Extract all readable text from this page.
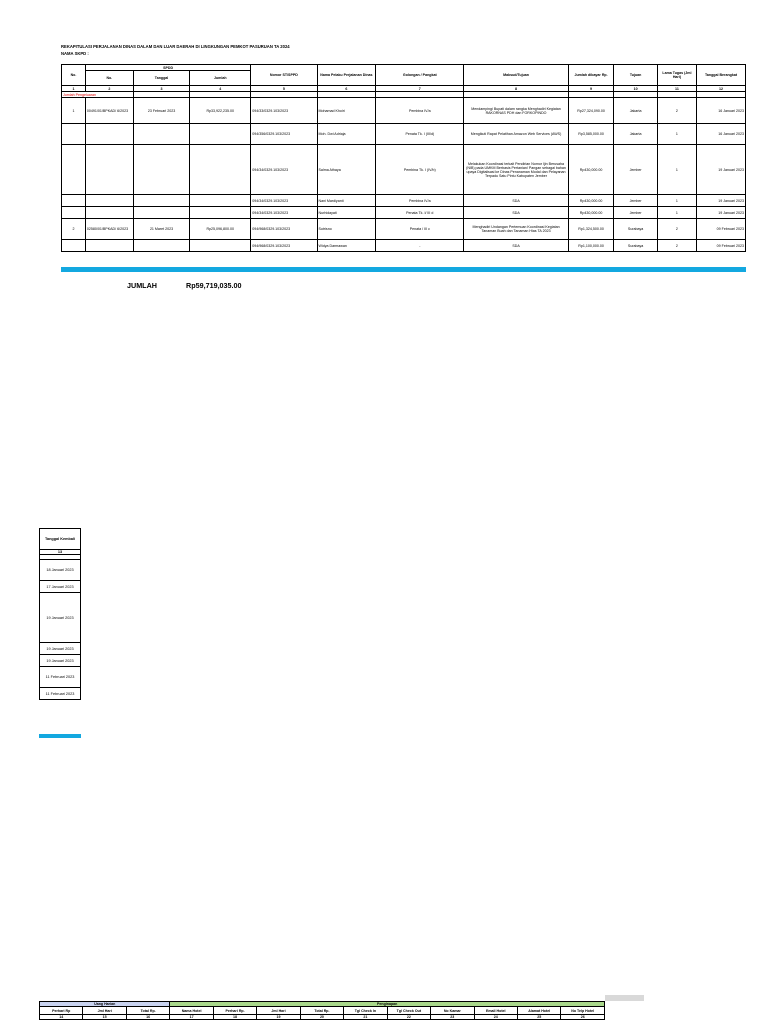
REKAPITULASI PERJALANAN DINAS DALAM DAN LUAR DAERAH DI LINGKUNGAN PEMKOT PASURUAN TA 2024
NAMA SKPD :
No.	SPDD			Nomor ST/SPPD	Nama Pelaku Perjalanan Dinas	Golongan / Pangkat	Maksud/Tujuan	Jumlah dibayar Rp.	Tujuan	Lama Tugas (Jml Hari)	Tanggal Berangkat
	No.	Tanggal	Jumlah								
1	2	3	4	5	6	7	8	9	10	11	12
Jumlah Pengeluaran											
1	00491/01/BPKAD/ 6/2023	23 Februari 2023	Rp33,922,235.00	094/33/0329.103/2023	Mohamad Khoiri	Pembina IV/a	Mendampingi Bupati dalam rangka Menghadiri Kegiatan RAKORNAS PDH dan FORKOPINDO	Rp27,324,090.00	Jakarta	2	16 Januari 2023
				094/356/0329.103/2023	Moh. Dwi Adriaja	Penata Tk. I (III/d)	Mengikuti Rapat Pelatihan Amazon Web Services (AWS)	Rp3,585,000.00	Jakarta	1	16 Januari 2023
				094/34/0329.103/2023	Salma Athaya	Pembina Tk. I (IV/b)	Melakukan Koordinasi terkait Pendirian Nomor Ijin Berusaha (NIB) pada UMKM Berbasis Pertanian/ Pangan sebagai bahan upaya Digitalisasi ke Dinas Penanaman Modal dan Pelayanan Terpadu Satu Pintu Kabupaten Jember	Rp430,000.00	Jember	1	19 Januari 2023
				094/34/0329.103/2023	Nani Mardiyanti	Pembina IV/a	SDA	Rp430,000.00	Jember	1	19 Januari 2023
				094/34/0329.103/2023	Nurhidayati	Penata Tk. I/ III d	SDA	Rp430,000.00	Jember	1	19 Januari 2023
2	02580/01/BPKAD/ 6/2023	21 Maret 2023	Rp25,096,800.00	094/968/0329.103/2023	Sutrisno	Penata / III c	Menghadiri Undangan Pertemuan Koordinasi Kegiatan Tanaman Buah dan Tanaman Hias TA 2023	Rp1,324,500.00	Surabaya	2	09 Februari 2023
				094/968/0329.103/2023	Widya Darmawan	-	SDA	Rp1,100,000.00	Surabaya	2	09 Februari 2023
JUMLAH	Rp59,719,035.00
Tanggal Kembali
13

18 Januari 2023
17 Januari 2023
19 Januari 2023
19 Januari 2023
19 Januari 2023
11 Februari 2023
11 Februari 2023
Uang Harian			Penginapan									
Perhari Rp	Jml Hari	Total Rp.	Nama Hotel	Perhari Rp.	Jml Hari	Total Rp.	Tgl Check In	Tgl Check Out	No Kamar	Email Hotel	Alamat Hotel	No Telp Hotel
14	15	16	17	18	19	20	21	22	23	24	25	26
